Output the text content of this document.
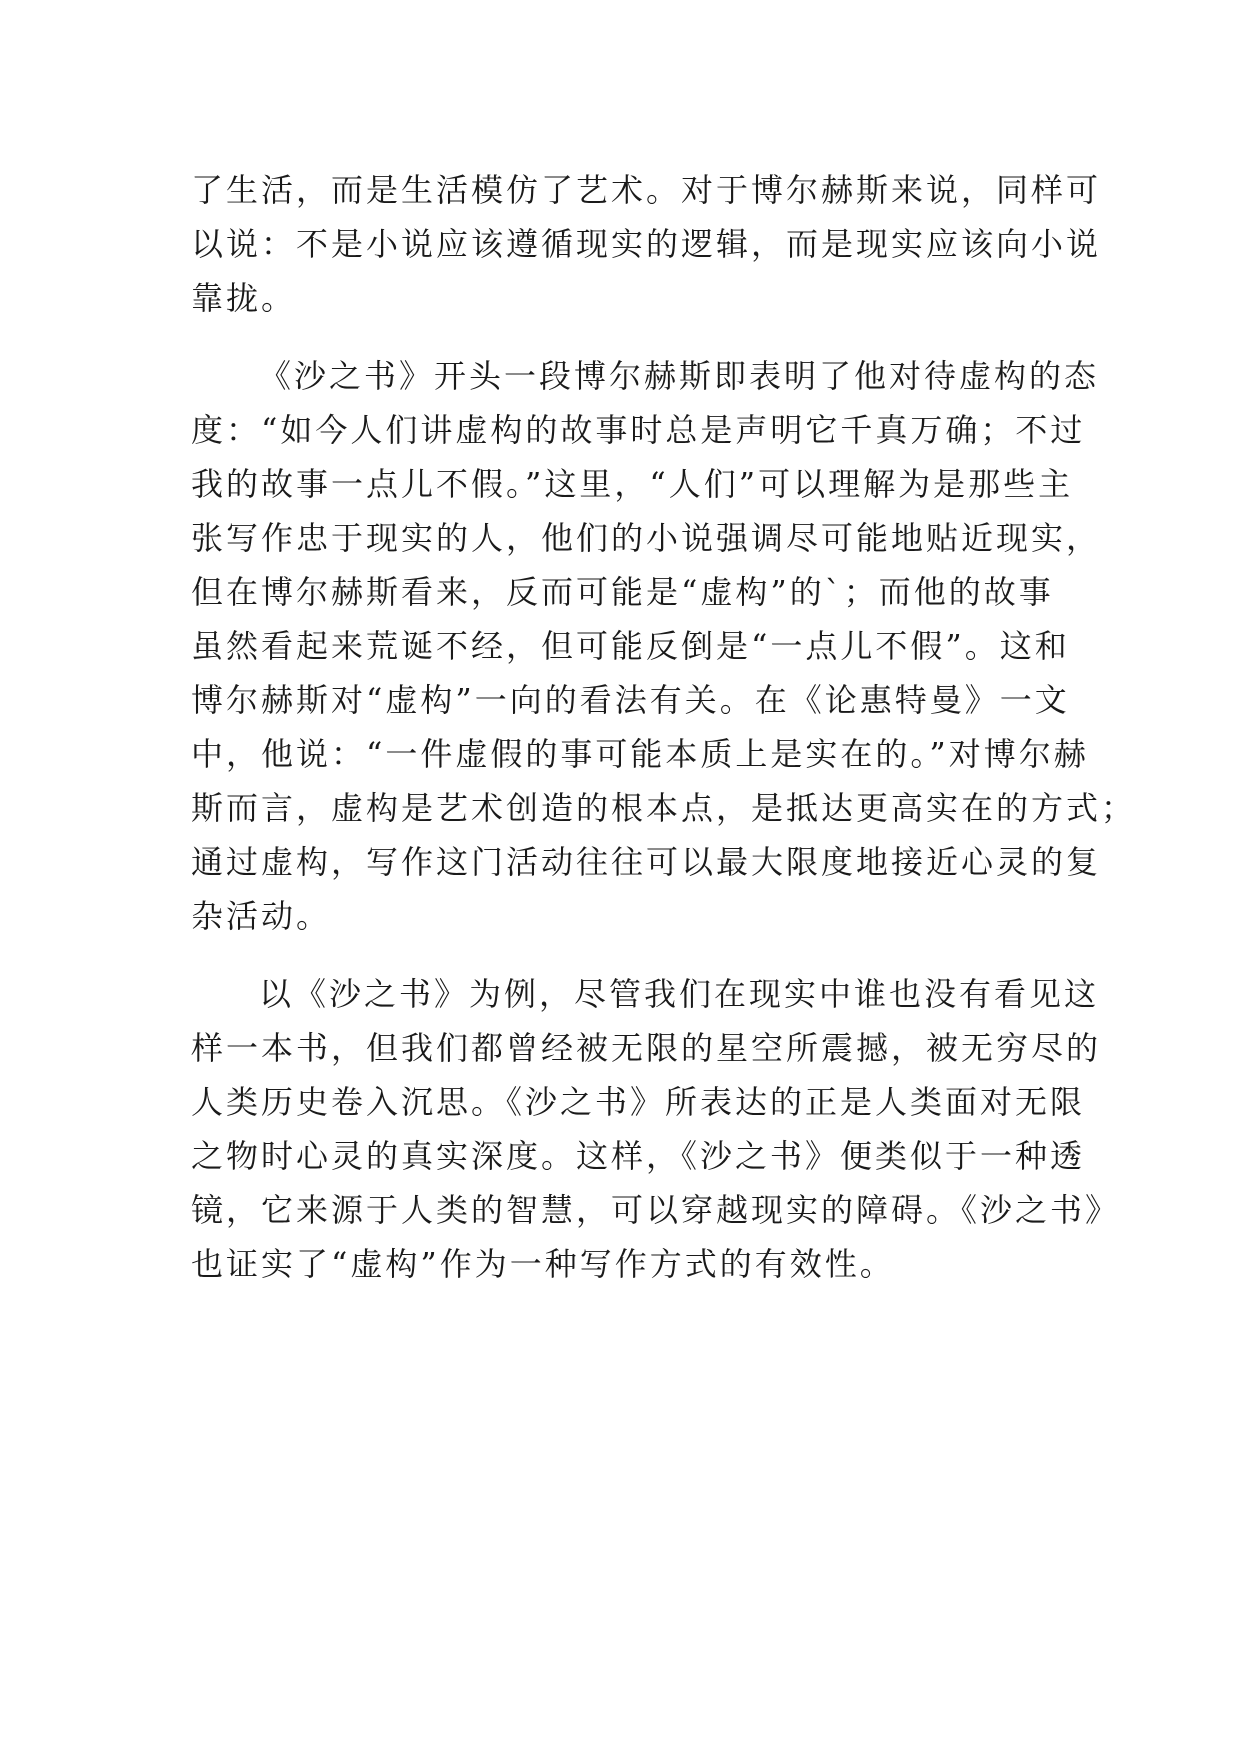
了生活，而是生活模仿了艺术。对于博尔赫斯来说，同样可
以说：不是小说应该遵循现实的逻辑，而是现实应该向小说
靠拢。
《沙之书》开头一段博尔赫斯即表明了他对待虚构的态
度：“如今人们讲虚构的故事时总是声明它千真万确；不过
我的故事一点儿不假。”这里，“人们”可以理解为是那些主
张写作忠于现实的人，他们的小说强调尽可能地贴近现实，
但在博尔赫斯看来，反而可能是“虚构”的`；而他的故事
虽然看起来荒诞不经，但可能反倒是“一点儿不假”。这和
博尔赫斯对“虚构”一向的看法有关。在《论惠特曼》一文
中，他说：“一件虚假的事可能本质上是实在的。”对博尔赫
斯而言，虚构是艺术创造的根本点，是抵达更高实在的方式；
通过虚构，写作这门活动往往可以最大限度地接近心灵的复
杂活动。
以《沙之书》为例，尽管我们在现实中谁也没有看见这
样一本书，但我们都曾经被无限的星空所震撼，被无穷尽的
人类历史卷入沉思。《沙之书》所表达的正是人类面对无限
之物时心灵的真实深度。这样，《沙之书》便类似于一种透
镜，它来源于人类的智慧，可以穿越现实的障碍。《沙之书》
也证实了“虚构”作为一种写作方式的有效性。
